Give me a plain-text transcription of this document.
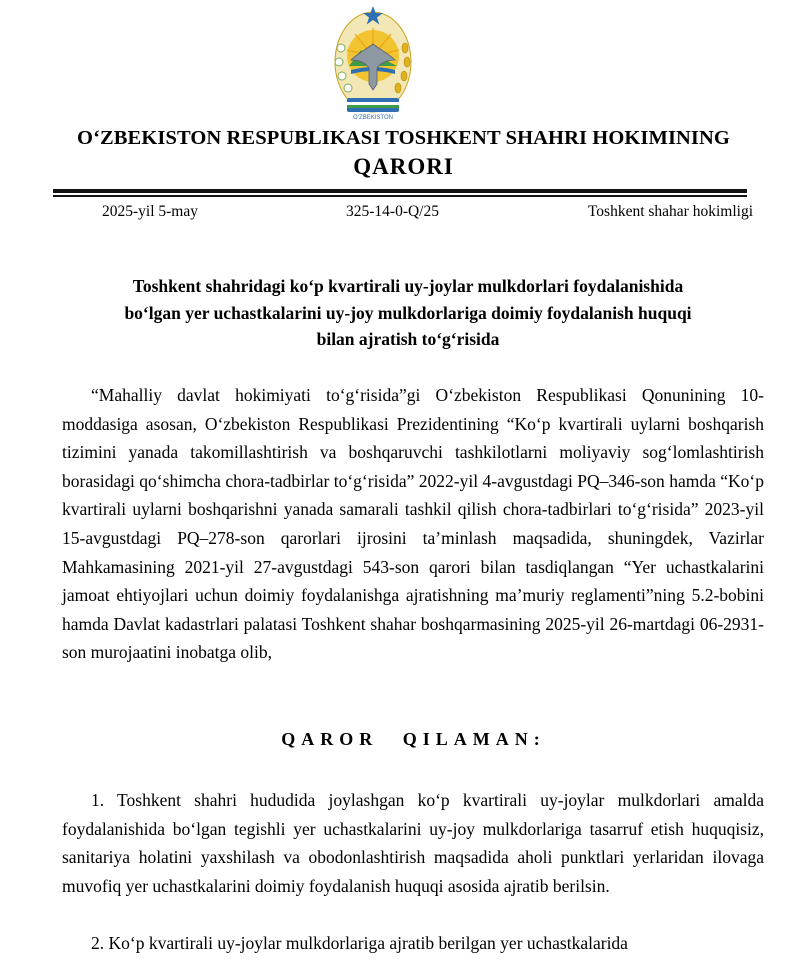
O‘ZBEKISTON
O‘ZBEKISTON RESPUBLIKASI TOSHKENT SHAHRI HOKIMINING
QARORI
2025-yil 5-may	325-14-0-Q/25	Toshkent shahar hokimligi
Toshkent shahridagi ko‘p kvartirali uy-joylar mulkdorlari foydalanishida
bo‘lgan yer uchastkalarini uy-joy mulkdorlariga doimiy foydalanish huquqi
bilan ajratish to‘g‘risida
“Mahalliy davlat hokimiyati to‘g‘risida”gi O‘zbekiston Respublikasi Qonunining 10-moddasiga asosan, O‘zbekiston Respublikasi Prezidentining “Ko‘p kvartirali uylarni boshqarish tizimini yanada takomillashtirish va boshqaruvchi tashkilotlarni moliyaviy sog‘lomlashtirish borasidagi qo‘shimcha chora-tadbirlar to‘g‘risida” 2022-yil 4-avgustdagi PQ–346-son hamda “Ko‘p kvartirali uylarni boshqarishni yanada samarali tashkil qilish chora-tadbirlari to‘g‘risida” 2023-yil 15-avgustdagi PQ–278-son qarorlari ijrosini ta’minlash maqsadida, shuningdek, Vazirlar Mahkamasining 2021-yil 27-avgustdagi 543-son qarori bilan tasdiqlangan “Yer uchastkalarini jamoat ehtiyojlari uchun doimiy foydalanishga ajratishning ma’muriy reglamenti”ning 5.2-bobini hamda Davlat kadastrlari palatasi Toshkent shahar boshqarmasining 2025-yil 26-martdagi 06-2931-son murojaatini inobatga olib,
QAROR QILAMAN:
1. Toshkent shahri hududida joylashgan ko‘p kvartirali uy-joylar mulkdorlari amalda foydalanishida bo‘lgan tegishli yer uchastkalarini uy-joy mulkdorlariga tasarruf etish huquqisiz, sanitariya holatini yaxshilash va obodonlashtirish maqsadida aholi punktlari yerlaridan ilovaga muvofiq yer uchastkalarini doimiy foydalanish huquqi asosida ajratib berilsin.
2. Ko‘p kvartirali uy-joylar mulkdorlariga ajratib berilgan yer uchastkalarida
